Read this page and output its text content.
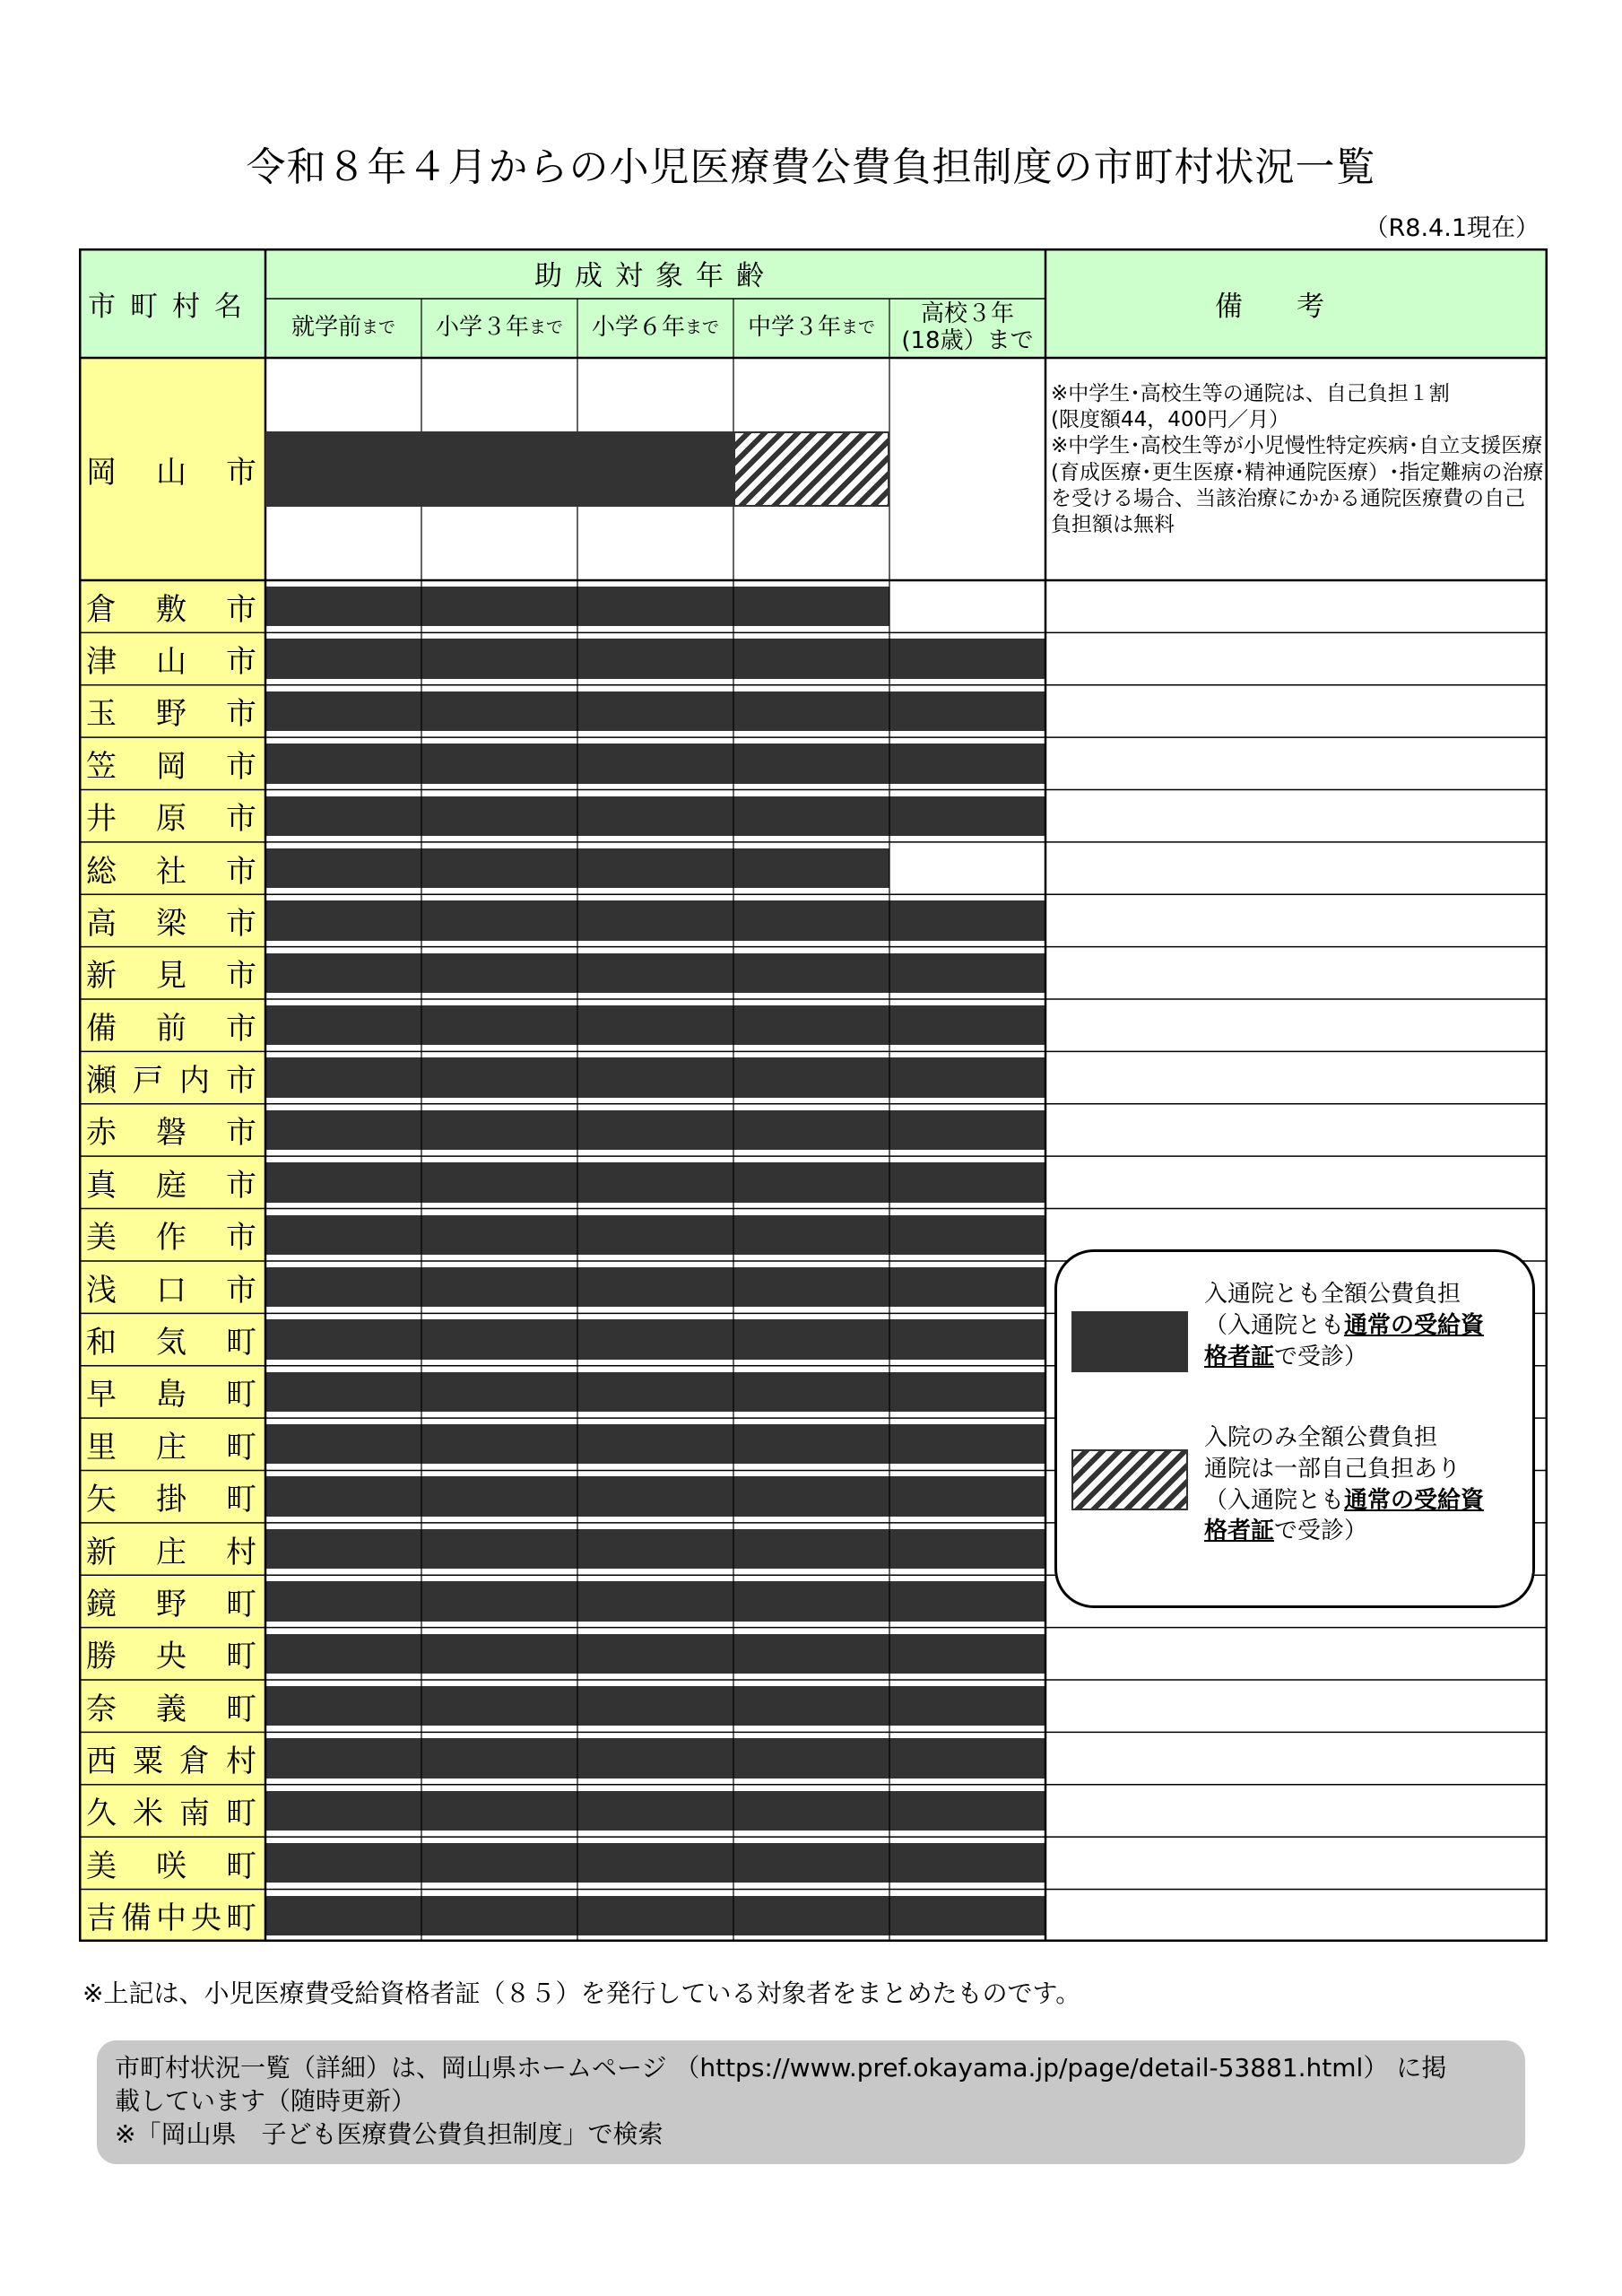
令和８年４月からの小児医療費公費負担制度の市町村状況一覧
（R8.4.1現在）
市町村名
助成対象年齢
就学前 まで 小学３年 まで 小学６年 まで 中学３年 まで	高校３年
(18歳）まで
備考
岡 山 市
※中学生･高校生等の通院は、自己負担１割
(限度額44，400円／月）
※中学生･高校生等が小児慢性特定疾病･自立支援医療(育成医療･更生医療･精神通院医療）･指定難病の治療を受ける場合、当該治療にかかる通院医療費の自己負担額は無料
倉 敷 市
津 山 市
玉 野 市
笠 岡 市
井 原 市
総 社 市
高 梁 市
新 見 市
備 前 市
瀬 戸 内 市
赤 磐 市
真 庭 市
美 作 市
浅 口 市
和 気 町
早 島 町
里 庄 町
矢 掛 町
新 庄 村
鏡 野 町
勝 央 町
奈 義 町
西 粟 倉 村
久 米 南 町
美 咲 町
吉 備 中 央 町
入通院とも全額公費負担
（入通院とも通常の受給資
格者証で受診）
入院のみ全額公費負担
通院は一部自己負担あり
（入通院とも通常の受給資
格者証で受診）
※上記は、小児医療費受給資格者証（８５）を発行している対象者をまとめたものです。
市町村状況一覧（詳細）は、岡山県ホームページ （https://www.pref.okayama.jp/page/detail-53881.html） に掲
載しています（随時更新）
※「岡山県　子ども医療費公費負担制度」で検索
